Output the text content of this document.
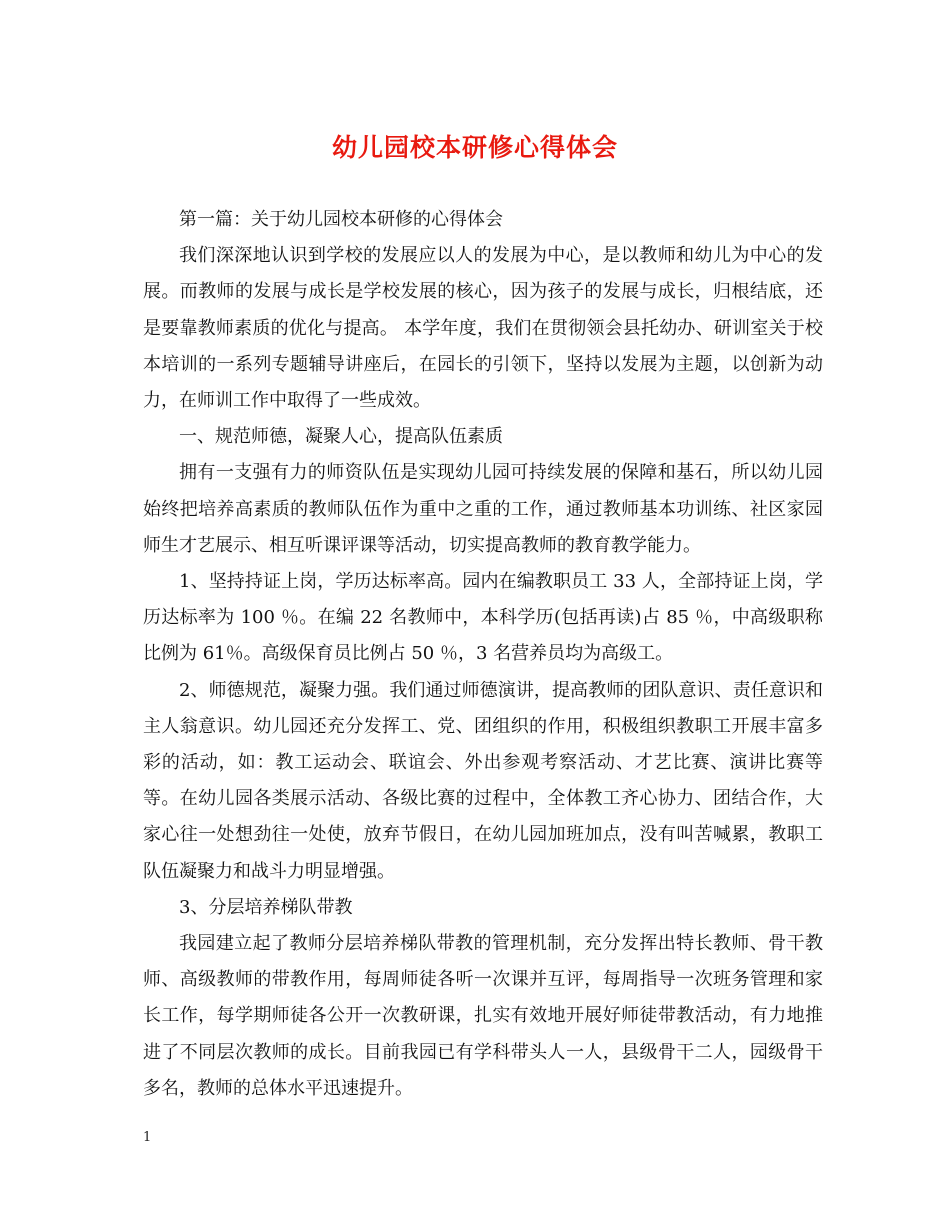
幼儿园校本研修心得体会

第一篇：关于幼儿园校本研修的心得体会

我们深深地认识到学校的发展应以人的发展为中心，是以教师和幼儿为中心的发展。而教师的发展与成长是学校发展的核心，因为孩子的发展与成长，归根结底，还是要靠教师素质的优化与提高。 本学年度，我们在贯彻领会县托幼办、研训室关于校本培训的一系列专题辅导讲座后，在园长的引领下，坚持以发展为主题，以创新为动力，在师训工作中取得了一些成效。

一、规范师德，凝聚人心，提高队伍素质

拥有一支强有力的师资队伍是实现幼儿园可持续发展的保障和基石，所以幼儿园始终把培养高素质的教师队伍作为重中之重的工作，通过教师基本功训练、社区家园师生才艺展示、相互听课评课等活动，切实提高教师的教育教学能力。

1、坚持持证上岗，学历达标率高。园内在编教职员工 33 人，全部持证上岗，学历达标率为 100 ％。在编 22 名教师中，本科学历(包括再读)占 85 ％，中高级职称比例为 61％。高级保育员比例占 50 ％，3 名营养员均为高级工。

2、师德规范，凝聚力强。我们通过师德演讲，提高教师的团队意识、责任意识和主人翁意识。幼儿园还充分发挥工、党、团组织的作用，积极组织教职工开展丰富多彩的活动，如：教工运动会、联谊会、外出参观考察活动、才艺比赛、演讲比赛等等。在幼儿园各类展示活动、各级比赛的过程中，全体教工齐心协力、团结合作，大家心往一处想劲往一处使，放弃节假日，在幼儿园加班加点，没有叫苦喊累，教职工队伍凝聚力和战斗力明显增强。

3、分层培养梯队带教

我园建立起了教师分层培养梯队带教的管理机制，充分发挥出特长教师、骨干教师、高级教师的带教作用，每周师徒各听一次课并互评，每周指导一次班务管理和家长工作，每学期师徒各公开一次教研课，扎实有效地开展好师徒带教活动，有力地推进了不同层次教师的成长。目前我园已有学科带头人一人，县级骨干二人，园级骨干多名，教师的总体水平迅速提升。

1
